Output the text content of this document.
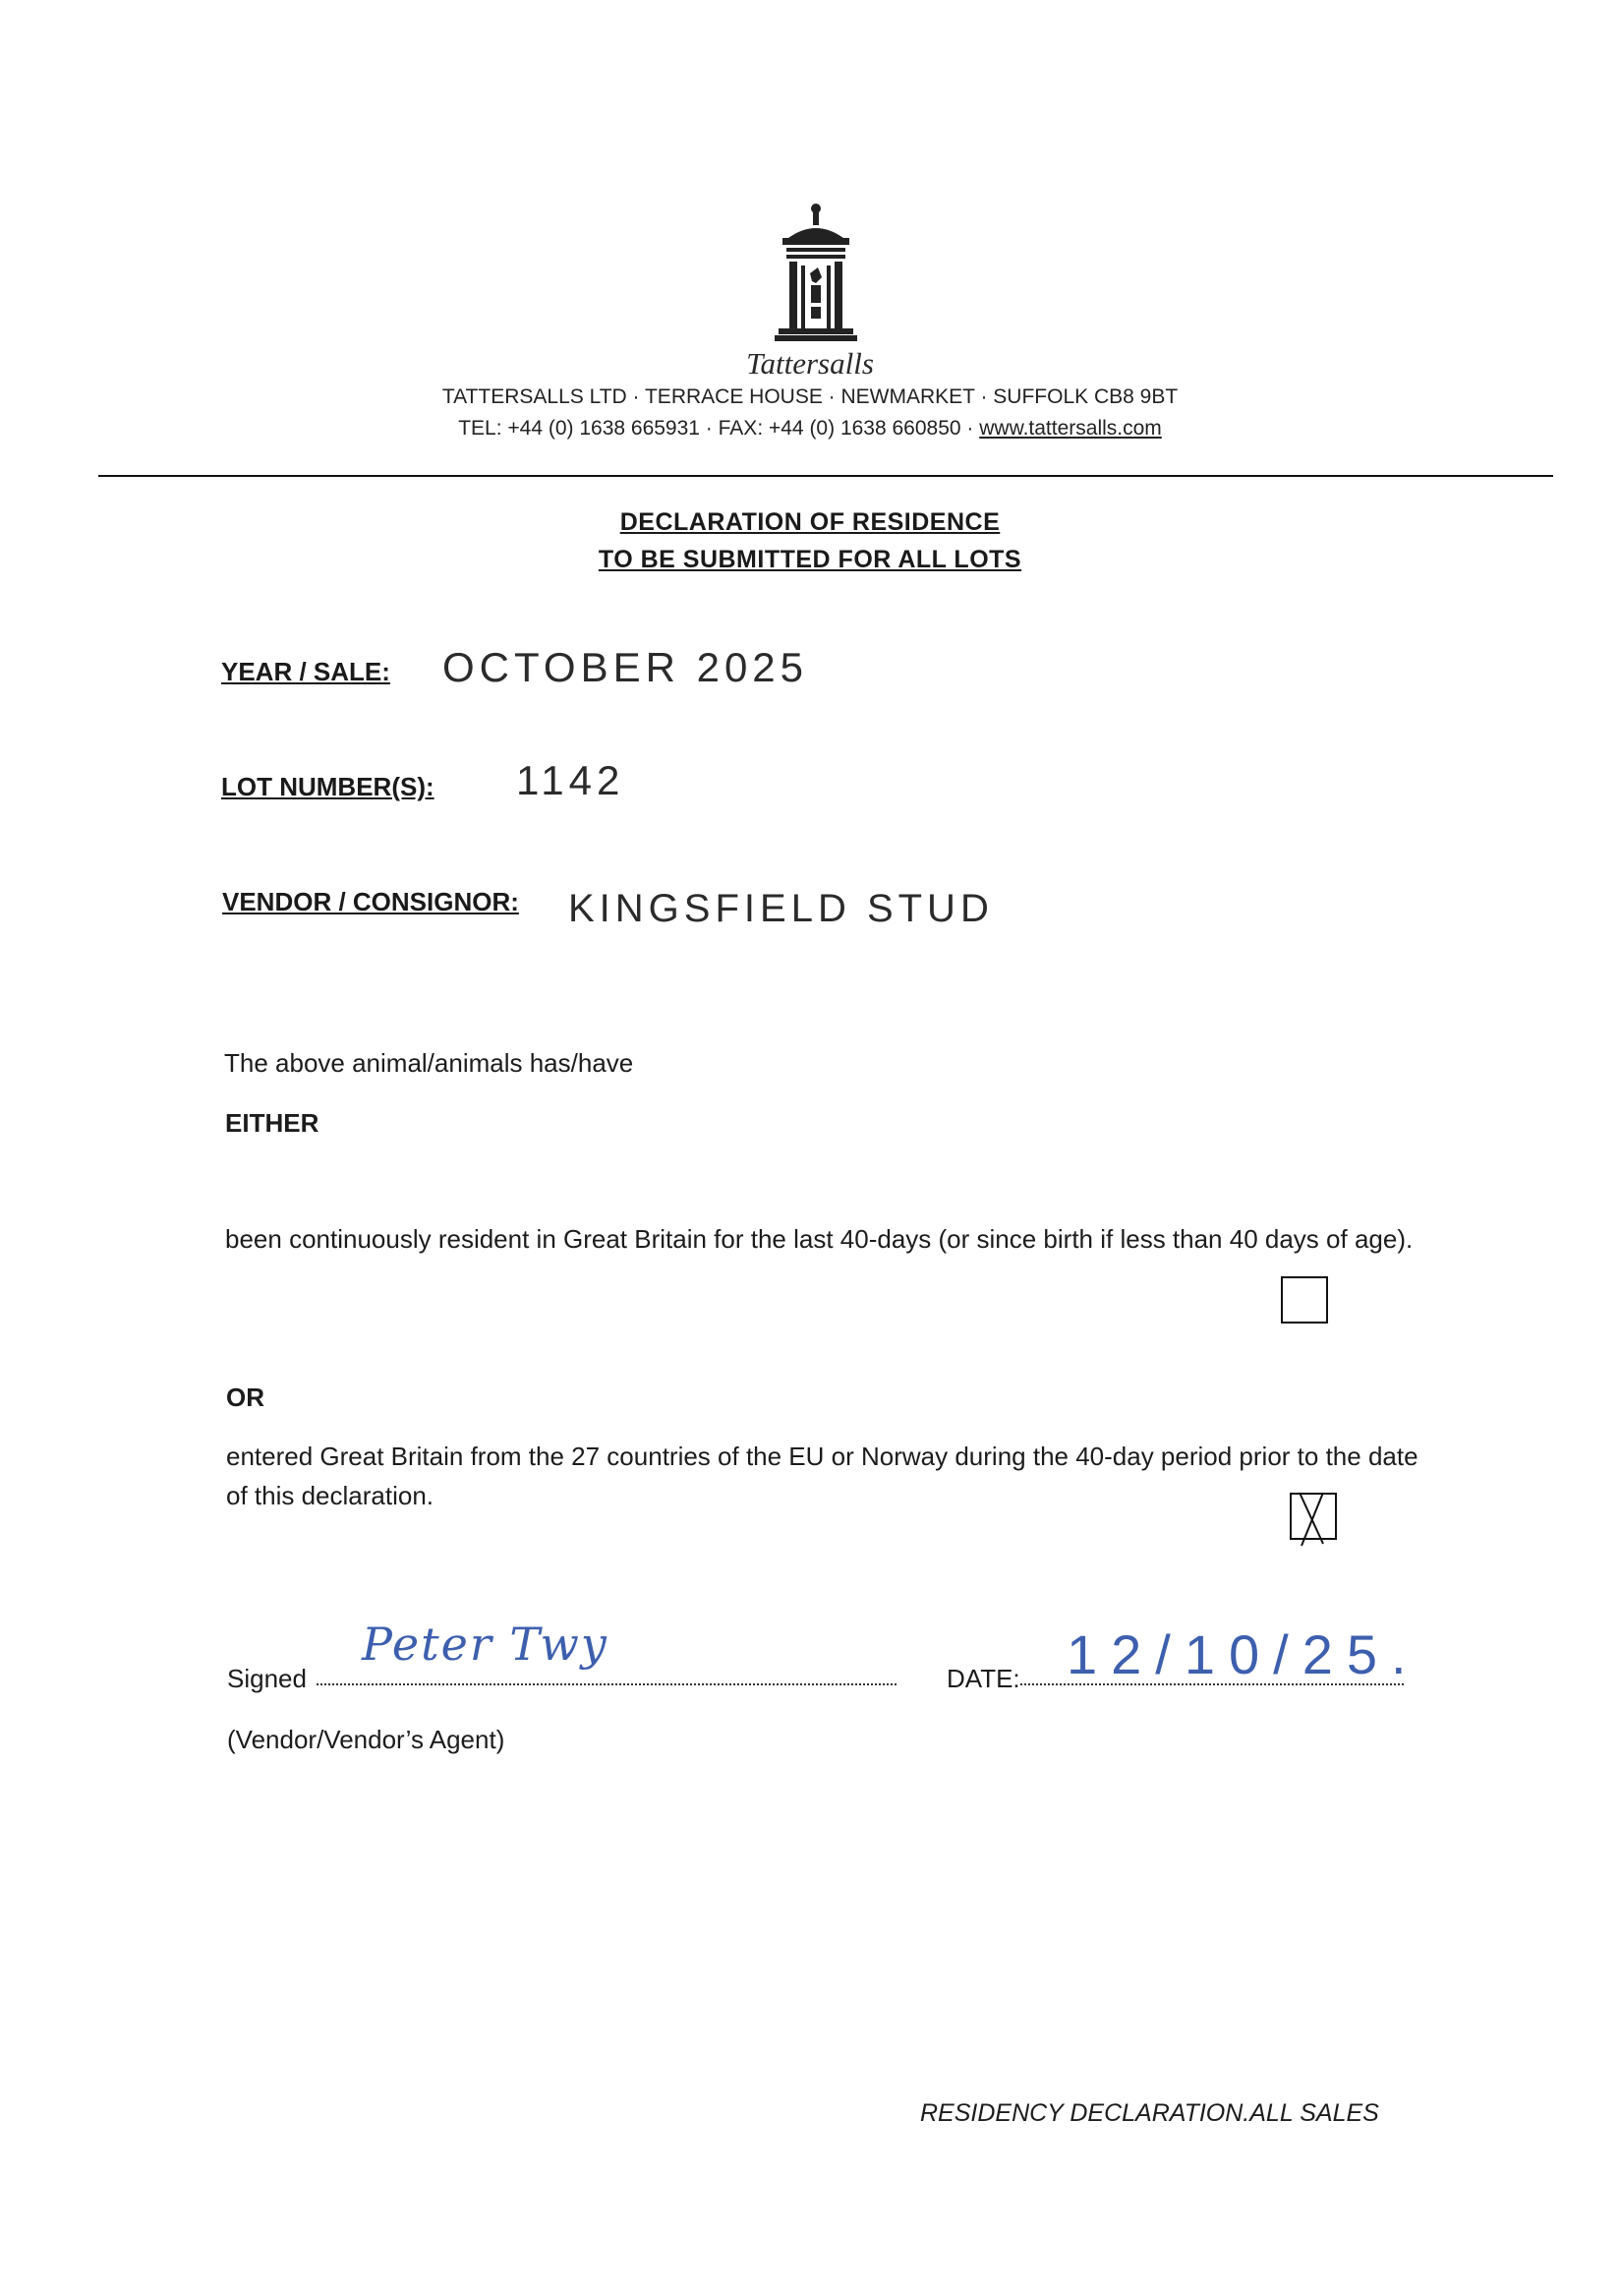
Tattersalls
TATTERSALLS LTD · TERRACE HOUSE · NEWMARKET · SUFFOLK CB8 9BT
TEL: +44 (0) 1638 665931 · FAX: +44 (0) 1638 660850 · www.tattersalls.com
DECLARATION OF RESIDENCE
TO BE SUBMITTED FOR ALL LOTS
YEAR / SALE: OCTOBER 2025
LOT NUMBER(S): 1142
VENDOR / CONSIGNOR: KINGSFIELD STUD
The above animal/animals has/have
EITHER
been continuously resident in Great Britain for the last 40-days (or since birth if less than 40 days of age).
OR
entered Great Britain from the 27 countries of the EU or Norway during the 40-day period prior to the date of this declaration.
Signed
Peter Twy
DATE: 12/10/25.
(Vendor/Vendor’s Agent)
RESIDENCY DECLARATION.ALL SALES
